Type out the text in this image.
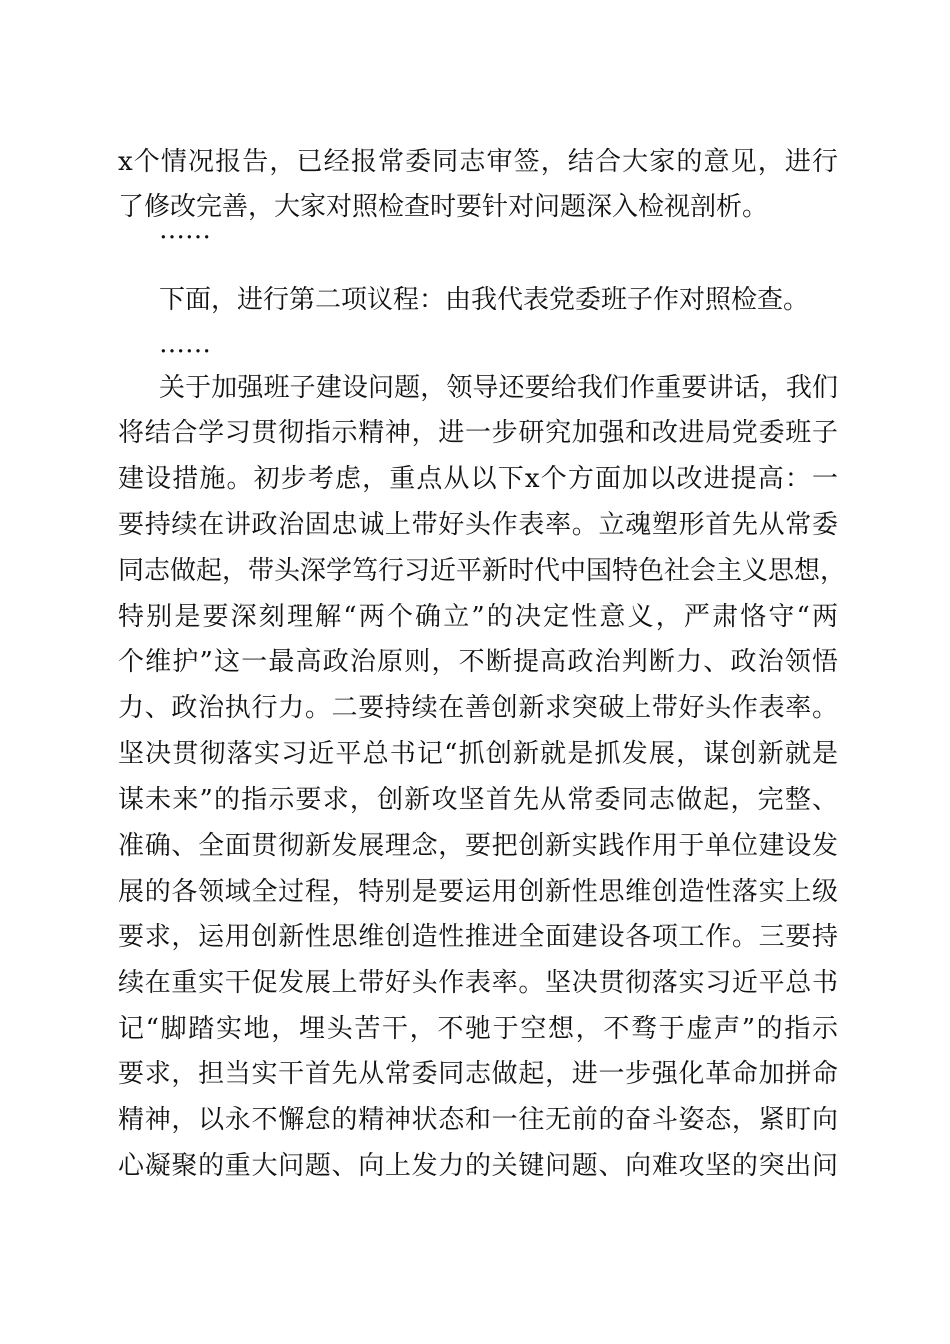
x个情况报告，已经报常委同志审签，结合大家的意见，进行
了修改完善，大家对照检查时要针对问题深入检视剖析。
……
下面，进行第二项议程：由我代表党委班子作对照检查。
……
关于加强班子建设问题，领导还要给我们作重要讲话，我们
将结合学习贯彻指示精神，进一步研究加强和改进局党委班子
建设措施。初步考虑，重点从以下x个方面加以改进提高：一
要持续在讲政治固忠诚上带好头作表率。立魂塑形首先从常委
同志做起，带头深学笃行习近平新时代中国特色社会主义思想，
特别是要深刻理解“两个确立”的决定性意义，严肃恪守“两
个维护”这一最高政治原则，不断提高政治判断力、政治领悟
力、政治执行力。二要持续在善创新求突破上带好头作表率。
坚决贯彻落实习近平总书记“抓创新就是抓发展，谋创新就是
谋未来”的指示要求，创新攻坚首先从常委同志做起，完整、
准确、全面贯彻新发展理念，要把创新实践作用于单位建设发
展的各领域全过程，特别是要运用创新性思维创造性落实上级
要求，运用创新性思维创造性推进全面建设各项工作。三要持
续在重实干促发展上带好头作表率。坚决贯彻落实习近平总书
记“脚踏实地，埋头苦干，不驰于空想，不骛于虚声”的指示
要求，担当实干首先从常委同志做起，进一步强化革命加拼命
精神，以永不懈怠的精神状态和一往无前的奋斗姿态，紧盯向
心凝聚的重大问题、向上发力的关键问题、向难攻坚的突出问
